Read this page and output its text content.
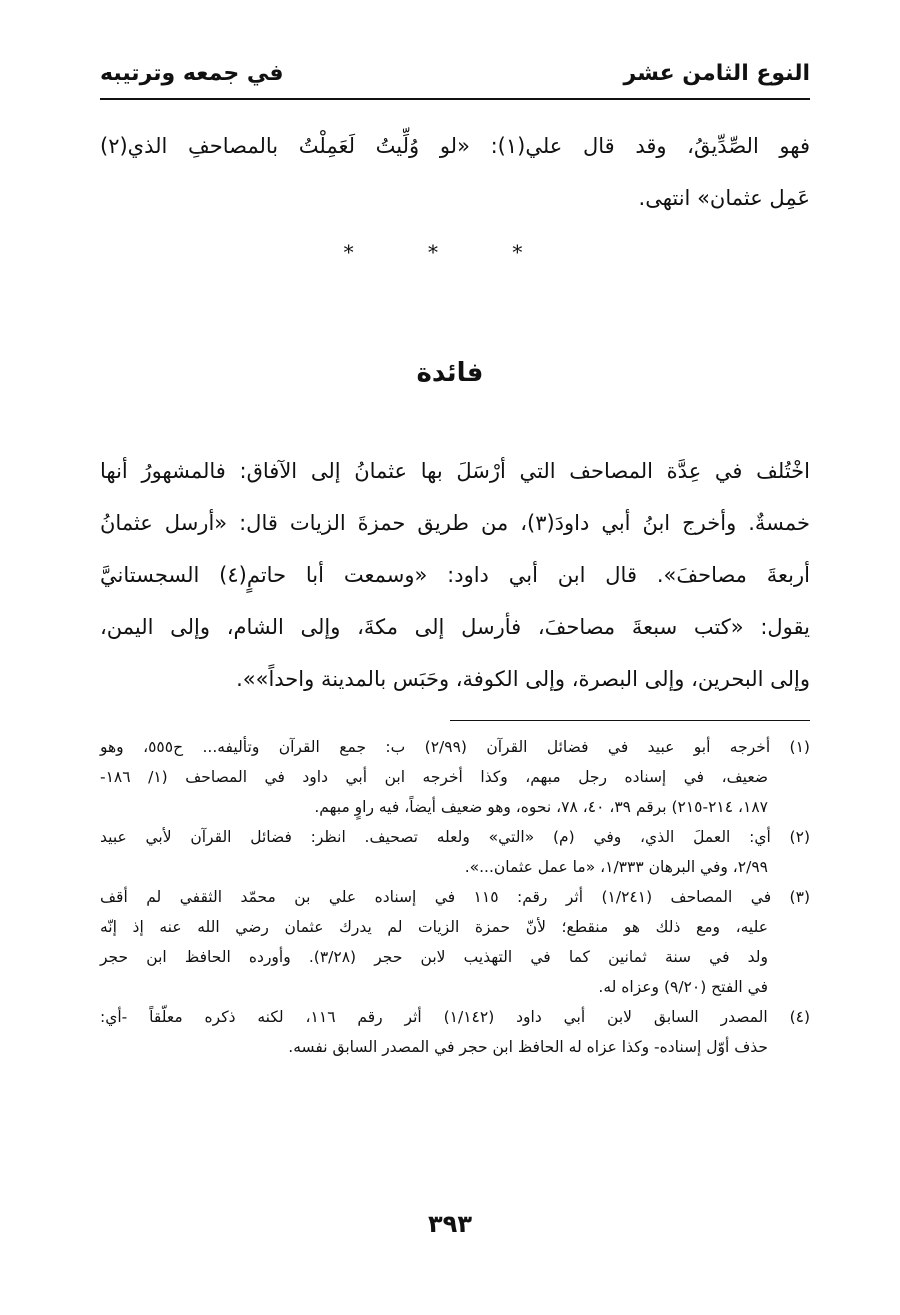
النوع الثامن عشر
في جمعه وترتيبه
فهو الصِّدِّيقُ، وقد قال علي(١): «لو وُلِّيتُ لَعَمِلْتُ بالمصاحفِ الذي(٢)
عَمِل عثمان» انتهى.
* * *
فائدة
اخْتُلف في عِدَّة المصاحف التي أرْسَلَ بها عثمانُ إلى الآفاق: فالمشهورُ أنها
خمسةٌ. وأخرج ابنُ أبي داودَ(٣)، من طريق حمزةَ الزيات قال: «أرسل عثمانُ
أربعةَ مصاحفَ». قال ابن أبي داود: «وسمعت أبا حاتمٍ(٤) السجستانيَّ
يقول: «كتب سبعةَ مصاحفَ، فأرسل إلى مكةَ، وإلى الشام، وإلى اليمن،
وإلى البحرين، وإلى البصرة، وإلى الكوفة، وحَبَس بالمدينة واحداً»».
(١) أخرجه أبو عبيد في فضائل القرآن (٢/٩٩) ب: جمع القرآن وتأليفه... ح٥٥٥، وهو
ضعيف، في إسناده رجل مبهم، وكذا أخرجه ابن أبي داود في المصاحف (١/ ١٨٦-
١٨٧، ٢١٤-٢١٥) برقم ٣٩، ٤٠، ٧٨، نحوه، وهو ضعيف أيضاً، فيه راوٍ مبهم.
(٢) أي: العملَ الذي، وفي (م) «التي» ولعله تصحيف. انظر: فضائل القرآن لأبي عبيد
٢/٩٩، وفي البرهان ١/٣٣٣، «ما عمل عثمان...».
(٣) في المصاحف (١/٢٤١) أثر رقم: ١١٥ في إسناده علي بن محمّد الثقفي لم أقف
عليه، ومع ذلك هو منقطع؛ لأنّ حمزة الزيات لم يدرك عثمان رضي الله عنه إذ إنّه
ولد في سنة ثمانين كما في التهذيب لابن حجر (٣/٢٨). وأورده الحافظ ابن حجر
في الفتح (٩/٢٠) وعزاه له.
(٤) المصدر السابق لابن أبي داود (١/١٤٢) أثر رقم ١١٦، لكنه ذكره معلّقاً -أي:
حذف أوّل إسناده- وكذا عزاه له الحافظ ابن حجر في المصدر السابق نفسه.
٣٩٣
